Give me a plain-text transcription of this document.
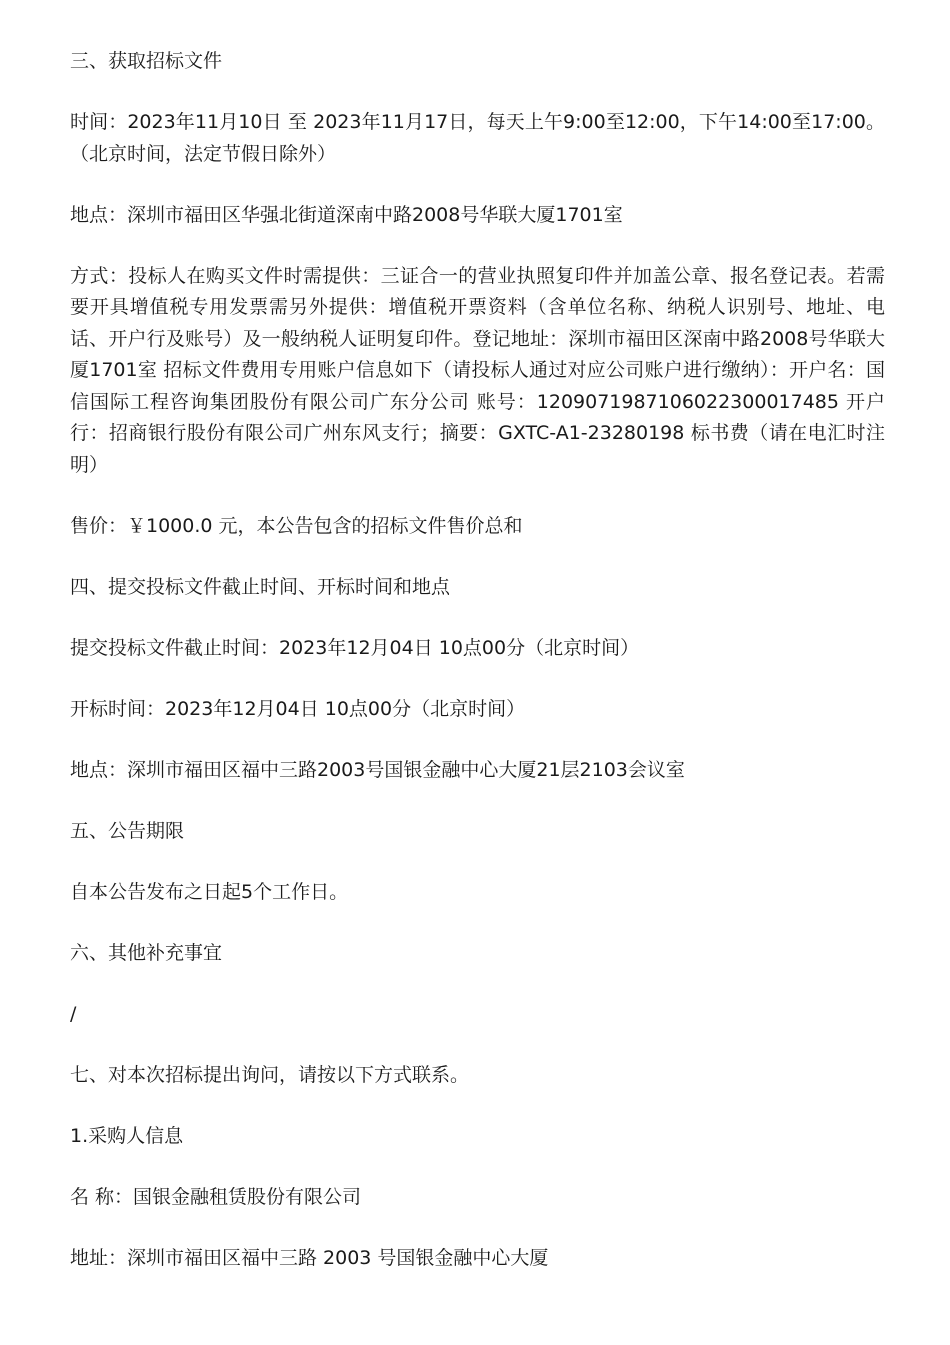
三、获取招标文件

时间：2023年11月10日 至 2023年11月17日，每天上午9:00至12:00，下午14:00至17:00。（北京时间，法定节假日除外）

地点：深圳市福田区华强北街道深南中路2008号华联大厦1701室

方式：投标人在购买文件时需提供：三证合一的营业执照复印件并加盖公章、报名登记表。若需要开具增值税专用发票需另外提供：增值税开票资料（含单位名称、纳税人识别号、地址、电话、开户行及账号）及一般纳税人证明复印件。登记地址：深圳市福田区深南中路2008号华联大厦1701室 招标文件费用专用账户信息如下（请投标人通过对应公司账户进行缴纳）：开户名：国信国际工程咨询集团股份有限公司广东分公司 账号：120907198710602230001748​5 开户行：招商银行股份有限公司广州东风支行；摘要：GXTC-A1-23280198 标书费（请在电汇时注明）

售价：￥1000.0 元，本公告包含的招标文件售价总和

四、提交投标文件截止时间、开标时间和地点

提交投标文件截止时间：2023年12月04日 10点00分（北京时间）

开标时间：2023年12月04日 10点00分（北京时间）

地点：深圳市福田区福中三路2003号国银金融中心大厦21层2103会议室

五、公告期限

自本公告发布之日起5个工作日。

六、其他补充事宜

/

七、对本次招标提出询问，请按以下方式联系。

1.采购人信息

名 称：国银金融租赁股份有限公司

地址：深圳市福田区福中三路 2003 号国银金融中心大厦
